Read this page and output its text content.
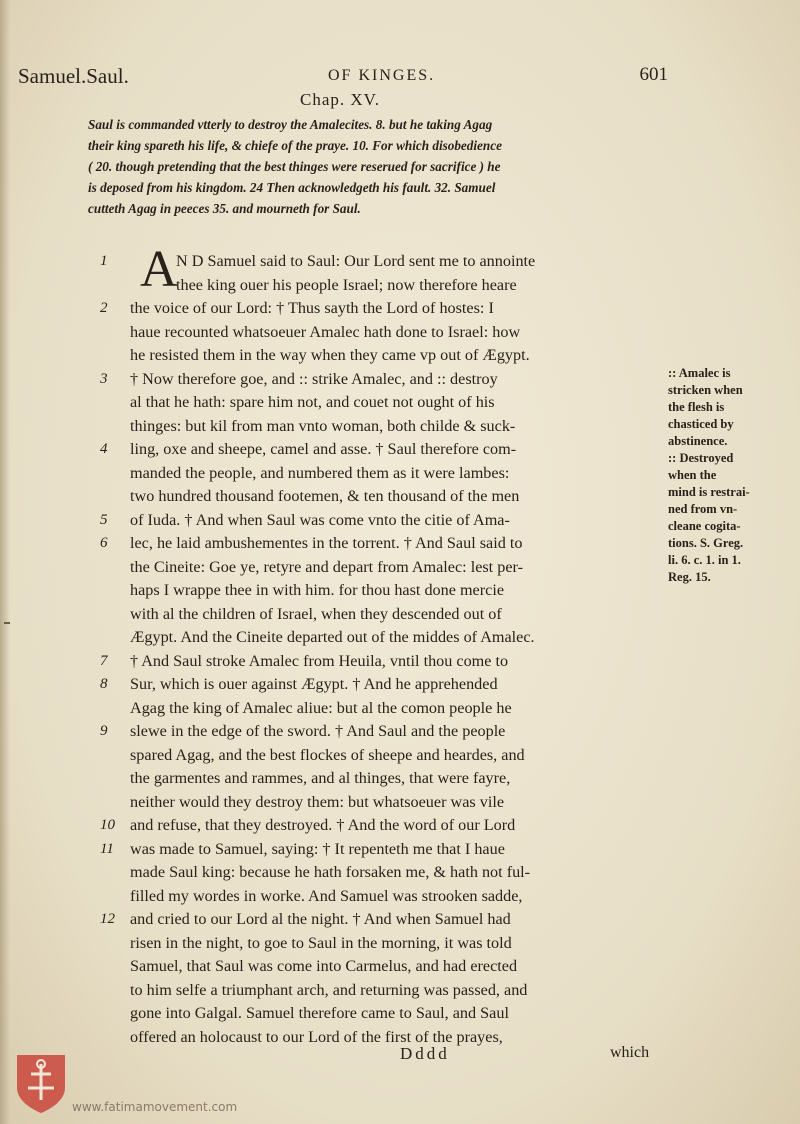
Samuel.Saul.	OF KINGES.	601
Chap. XV.
Saul is commanded vtterly to destroy the Amalecites. 8. but he taking Agag
their king spareth his life, & chiefe of the praye. 10. For which disobedience
( 20. though pretending that the best thinges were reserued for sacrifice ) he
is deposed from his kingdom. 24 Then acknowledgeth his fault. 32. Samuel
cutteth Agag in peeces 35. and mourneth for Saul.
A
1	N D Samuel said to Saul: Our Lord sent me to annointe
thee king ouer his people Israel; now therefore heare
2	the voice of our Lord: † Thus sayth the Lord of hostes: I
haue recounted whatsoeuer Amalec hath done to Israel: how
he resisted them in the way when they came vp out of Ægypt.
3	† Now therefore goe, and :: strike Amalec, and :: destroy
al that he hath: spare him not, and couet not ought of his
thinges: but kil from man vnto woman, both childe & suck-
4	ling, oxe and sheepe, camel and asse. † Saul therefore com-
manded the people, and numbered them as it were lambes:
two hundred thousand footemen, & ten thousand of the men
5	of Iuda. † And when Saul was come vnto the citie of Ama-
6	lec, he laid ambushementes in the torrent. † And Saul said to
the Cineite: Goe ye, retyre and depart from Amalec: lest per-
haps I wrappe thee in with him. for thou hast done mercie
with al the children of Israel, when they descended out of
Ægypt. And the Cineite departed out of the middes of Amalec.
7	† And Saul stroke Amalec from Heuila, vntil thou come to
8	Sur, which is ouer against Ægypt. † And he apprehended
Agag the king of Amalec aliue: but al the comon people he
9	slewe in the edge of the sword. † And Saul and the people
spared Agag, and the best flockes of sheepe and heardes, and
the garmentes and rammes, and al thinges, that were fayre,
neither would they destroy them: but whatsoeuer was vile
10 and refuse, that they destroyed. † And the word of our Lord
11 was made to Samuel, saying: † It repenteth me that I haue
made Saul king: because he hath forsaken me, & hath not ful-
filled my wordes in worke. And Samuel was strooken sadde,
12 and cried to our Lord al the night. † And when Samuel had
risen in the night, to goe to Saul in the morning, it was told
Samuel, that Saul was come into Carmelus, and had erected
to him selfe a triumphant arch, and returning was passed, and
gone into Galgal. Samuel therefore came to Saul, and Saul
offered an holocaust to our Lord of the first of the prayes,
:: Amalec is
stricken when
the flesh is
chasticed by
abstinence.
:: Destroyed
when the
mind is restrai-
ned from vn-
cleane cogita-
tions. S. Greg.
li. 6. c. 1. in 1.
Reg. 15.
Dddd	which
www.fatimamovement.com
